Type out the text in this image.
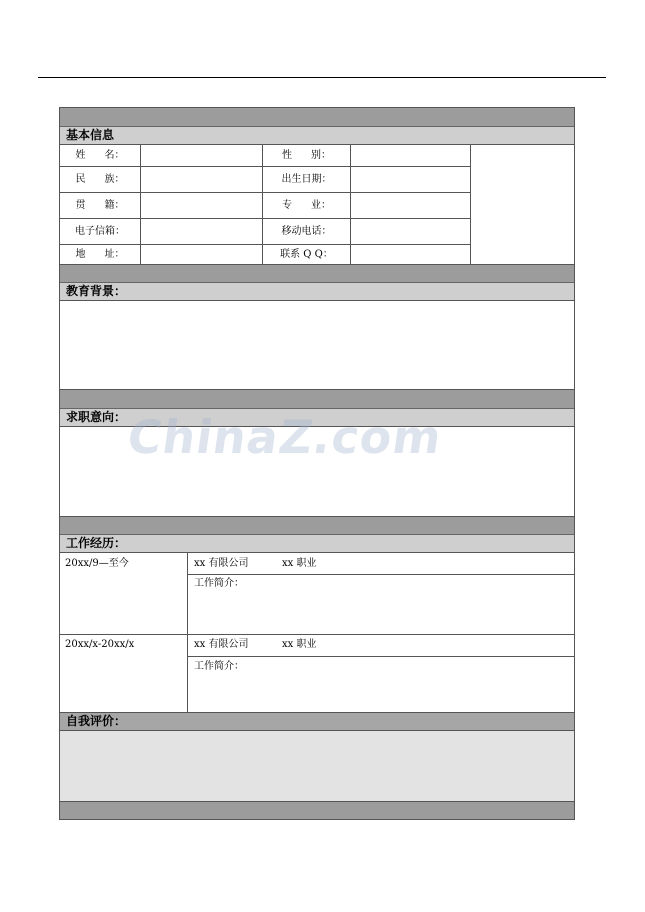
基本信息
姓      名：	性      别：
民      族：	出生日期：
贯      籍：	专      业：
电子信箱：	移动电话：
地      址：	联系 Q Q：
教育背景：
求职意向：
工作经历：
20xx/9—至今	xx 有限公司	xx 职业
工作简介：
20xx/x-20xx/x	xx 有限公司	xx 职业
工作简介：
自我评价：
ChinaZ.com
